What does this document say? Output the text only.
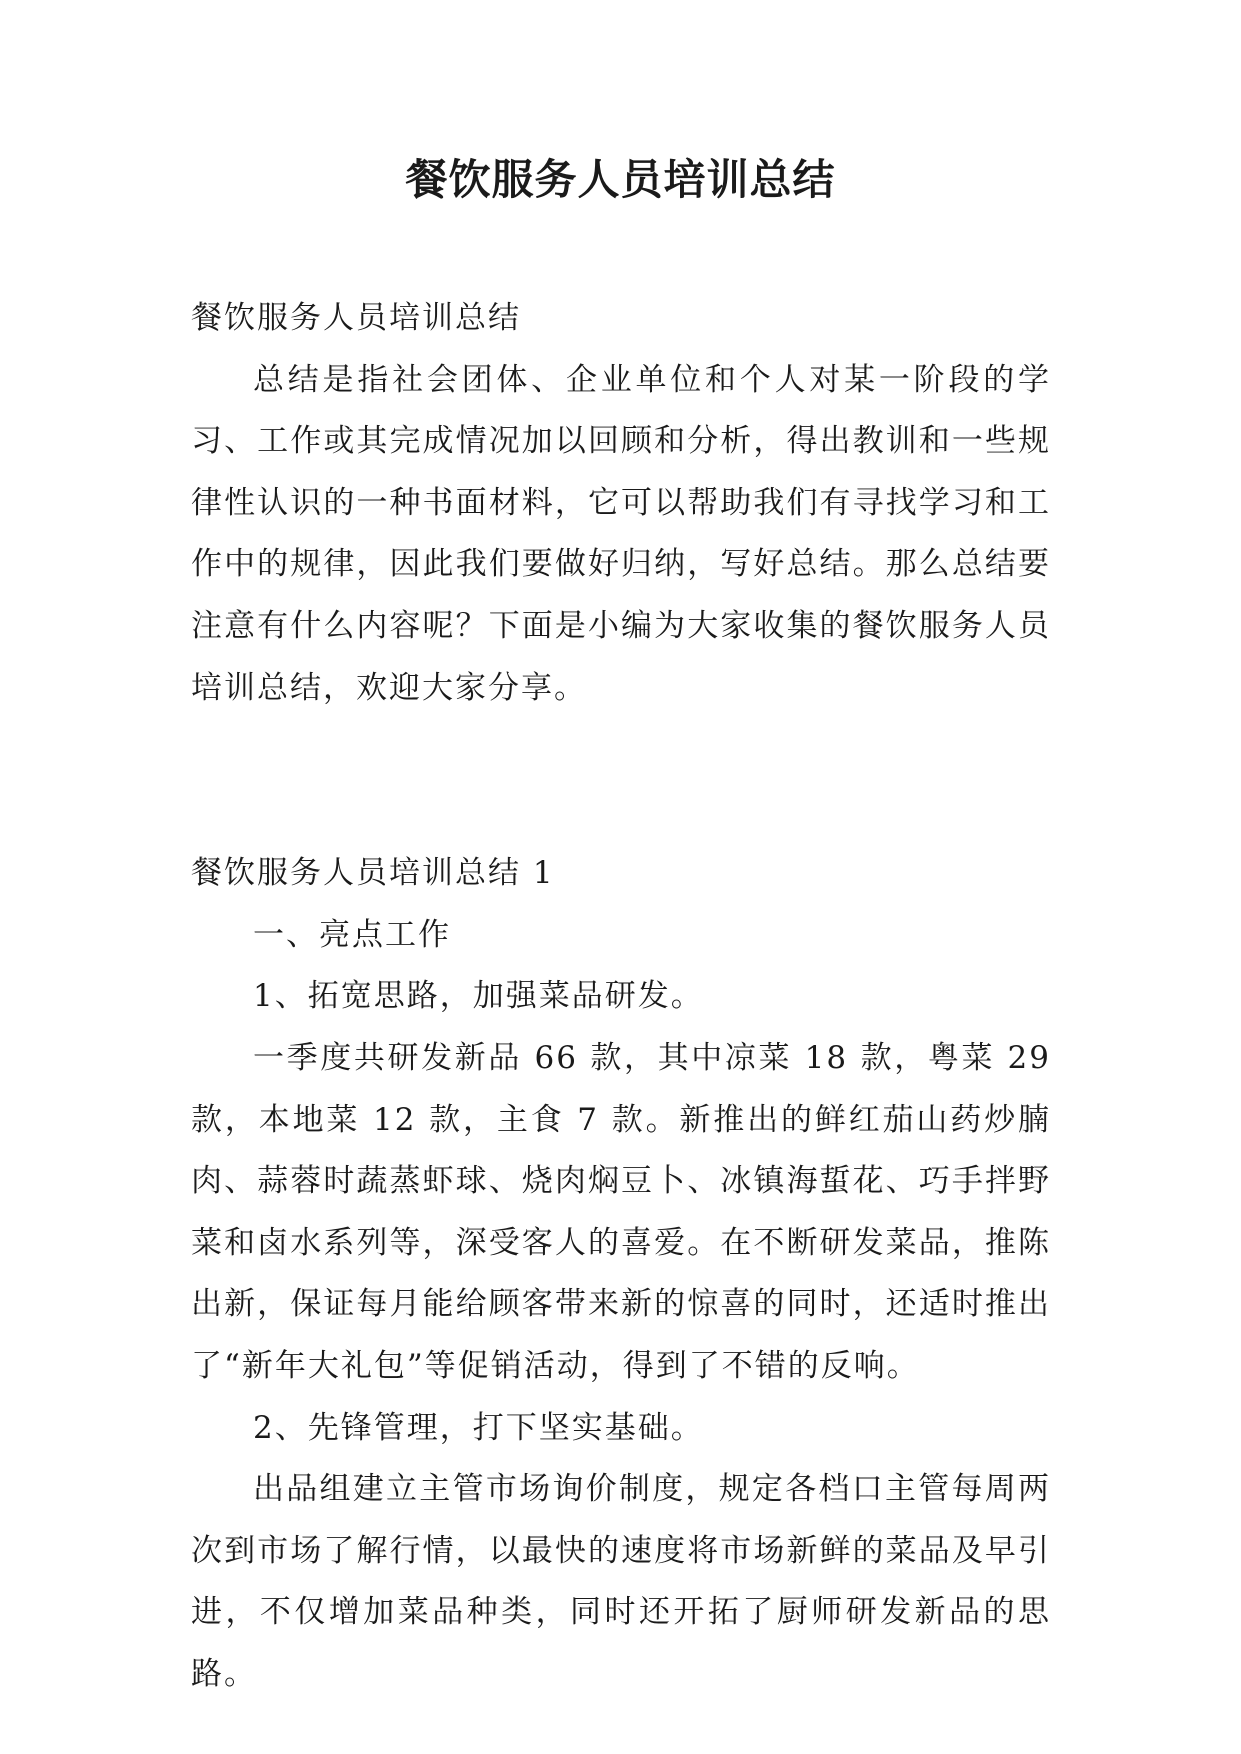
餐饮服务人员培训总结

餐饮服务人员培训总结

总结是指社会团体、企业单位和个人对某一阶段的学习、工作或其完成情况加以回顾和分析，得出教训和一些规律性认识的一种书面材料，它可以帮助我们有寻找学习和工作中的规律，因此我们要做好归纳，写好总结。那么总结要注意有什么内容呢？下面是小编为大家收集的餐饮服务人员培训总结，欢迎大家分享。

餐饮服务人员培训总结 1

一、亮点工作

1、拓宽思路，加强菜品研发。

一季度共研发新品 66 款，其中凉菜 18 款，粤菜 29 款，本地菜 12 款，主食 7 款。新推出的鲜红茄山药炒腩肉、蒜蓉时蔬蒸虾球、烧肉焖豆卜、冰镇海蜇花、巧手拌野菜和卤水系列等，深受客人的喜爱。在不断研发菜品，推陈出新，保证每月能给顾客带来新的惊喜的同时，还适时推出了“新年大礼包”等促销活动，得到了不错的反响。

2、先锋管理，打下坚实基础。

出品组建立主管市场询价制度，规定各档口主管每周两次到市场了解行情，以最快的速度将市场新鲜的菜品及早引进，不仅增加菜品种类，同时还开拓了厨师研发新品的思路。
